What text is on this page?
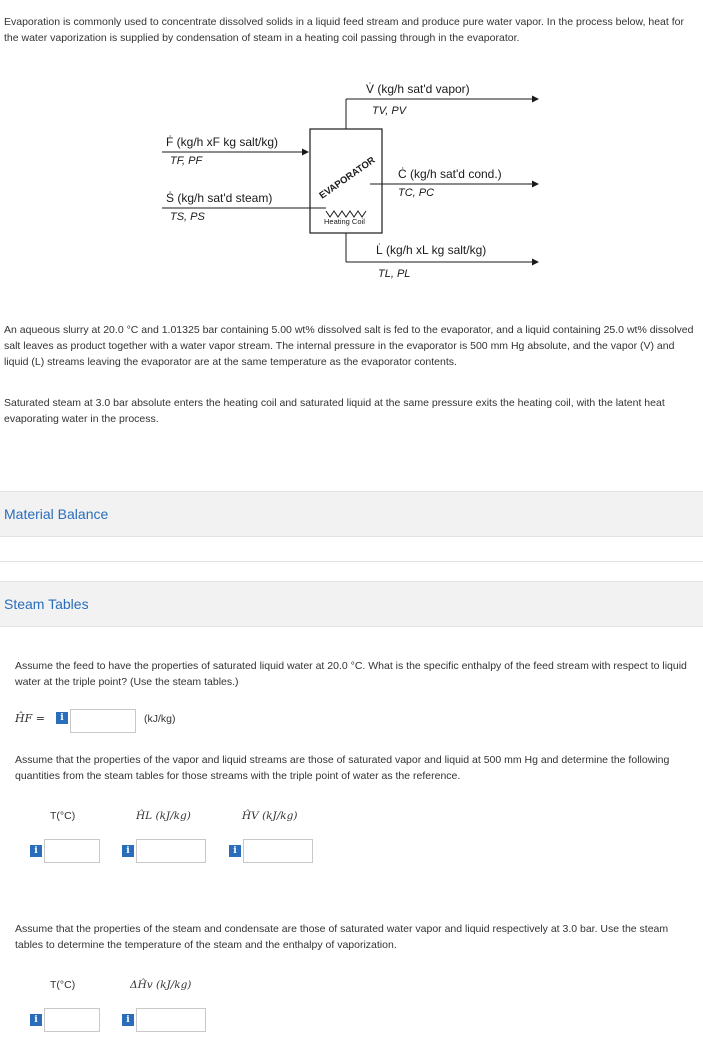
Evaporation is commonly used to concentrate dissolved solids in a liquid feed stream and produce pure water vapor. In the process below, heat for the water vaporization is supplied by condensation of steam in a heating coil passing through in the evaporator.
EVAPORATOR
Heating Coil
V̇ (kg/h sat'd vapor)
TV, PV
Ḟ (kg/h xF kg salt/kg)
TF, PF
Ṡ (kg/h sat'd steam)
TS, PS
Ċ (kg/h sat'd cond.)
TC, PC
L̇ (kg/h xL kg salt/kg)
TL, PL
An aqueous slurry at 20.0 °C and 1.01325 bar containing 5.00 wt% dissolved salt is fed to the evaporator, and a liquid containing 25.0 wt% dissolved salt leaves as product together with a water vapor stream. The internal pressure in the evaporator is 500 mm Hg absolute, and the vapor (V) and liquid (L) streams leaving the evaporator are at the same temperature as the evaporator contents.
Saturated steam at 3.0 bar absolute enters the heating coil and saturated liquid at the same pressure exits the heating coil, with the latent heat evaporating water in the process.
Material Balance
Steam Tables
Assume the feed to have the properties of saturated liquid water at 20.0 °C. What is the specific enthalpy of the feed stream with respect to liquid water at the triple point? (Use the steam tables.)
ĤF =	i	(kJ/kg)
Assume that the properties of the vapor and liquid streams are those of saturated vapor and liquid at 500 mm Hg and determine the following quantities from the steam tables for those streams with the triple point of water as the reference.
T(°C)	ĤL (kJ/kg)	ĤV (kJ/kg)
i	i	i
Assume that the properties of the steam and condensate are those of saturated water vapor and liquid respectively at 3.0 bar. Use the steam tables to determine the temperature of the steam and the enthalpy of vaporization.
T(°C)	ΔĤv (kJ/kg)
i	i
